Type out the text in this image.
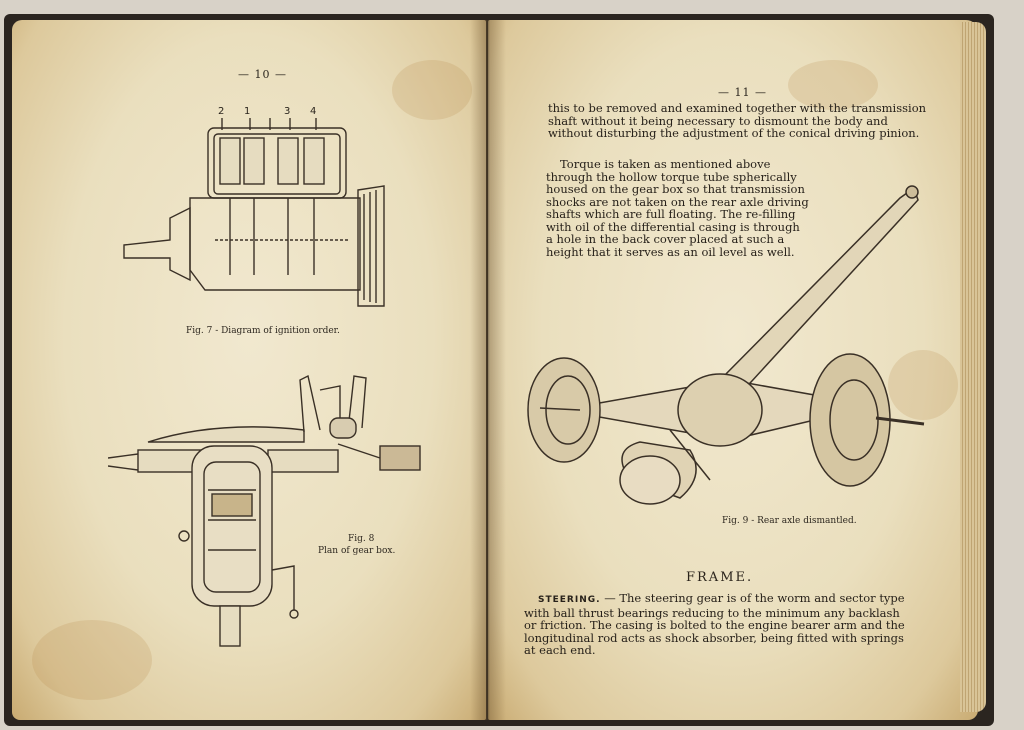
— 10 —
2 1	3 4
Fig. 7 - Diagram of ignition order.
Fig. 8
Plan of gear box.
— 11 —

this to be removed and examined together with the transmission shaft without it being necessary to dismount the body and without disturbing the adjustment of the conical driving pinion.

Torque is taken as mentioned above through the hollow torque tube spherically housed on the gear box so that transmission shocks are not taken on the rear axle driving shafts which are full floating. The re-filling with oil of the differential casing is through a hole in the back cover placed at such a height that it serves as an oil level as well.

Fig. 9 - Rear axle dismantled.
FRAME.

STEERING. — The steering gear is of the worm and sector type with ball thrust bearings reducing to the minimum any backlash or friction. The casing is bolted to the engine bearer arm and the longitudinal rod acts as shock absorber, being fitted with springs at each end.
